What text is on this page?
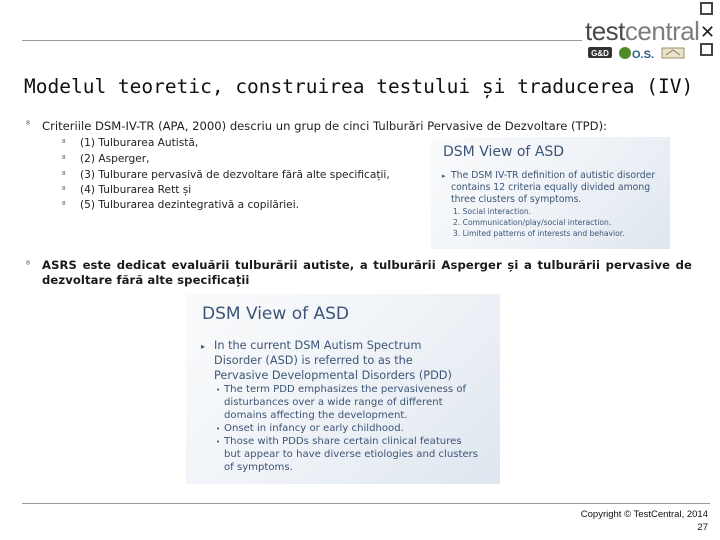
✕
testcentral
G&D O.S.
Modelul teoretic, construirea testului și traducerea (IV)
⁸ Criteriile DSM-IV-TR (APA, 2000) descriu un grup de cinci Tulburări Pervasive de Dezvoltare (TPD):
⁸ (1) Tulburarea Autistă,
⁸ (2) Asperger,
⁸ (3) Tulburare pervasivă de dezvoltare fără alte specificații,
⁸ (4) Tulburarea Rett și
⁸ (5) Tulburarea dezintegrativă a copilăriei.
DSM View of ASD
▸ The DSM IV-TR definition of autistic disorder
contains 12 criteria equally divided among
three clusters of symptoms.
1. Social interaction.
2. Communication/play/social interaction.
3. Limited patterns of interests and behavior.
⁸ ASRS este dedicat evaluării tulburării autiste, a tulburării Asperger și a tulburării pervasive de dezvoltare fără alte specificații
DSM View of ASD
▸ In the current DSM Autism Spectrum
Disorder (ASD) is referred to as the
Pervasive Developmental Disorders (PDD)
• The term PDD emphasizes the pervasiveness of
disturbances over a wide range of different
domains affecting the development.
• Onset in infancy or early childhood.
• Those with PDDs share certain clinical features
but appear to have diverse etiologies and clusters
of symptoms.
Copyright © TestCentral, 2014
27
